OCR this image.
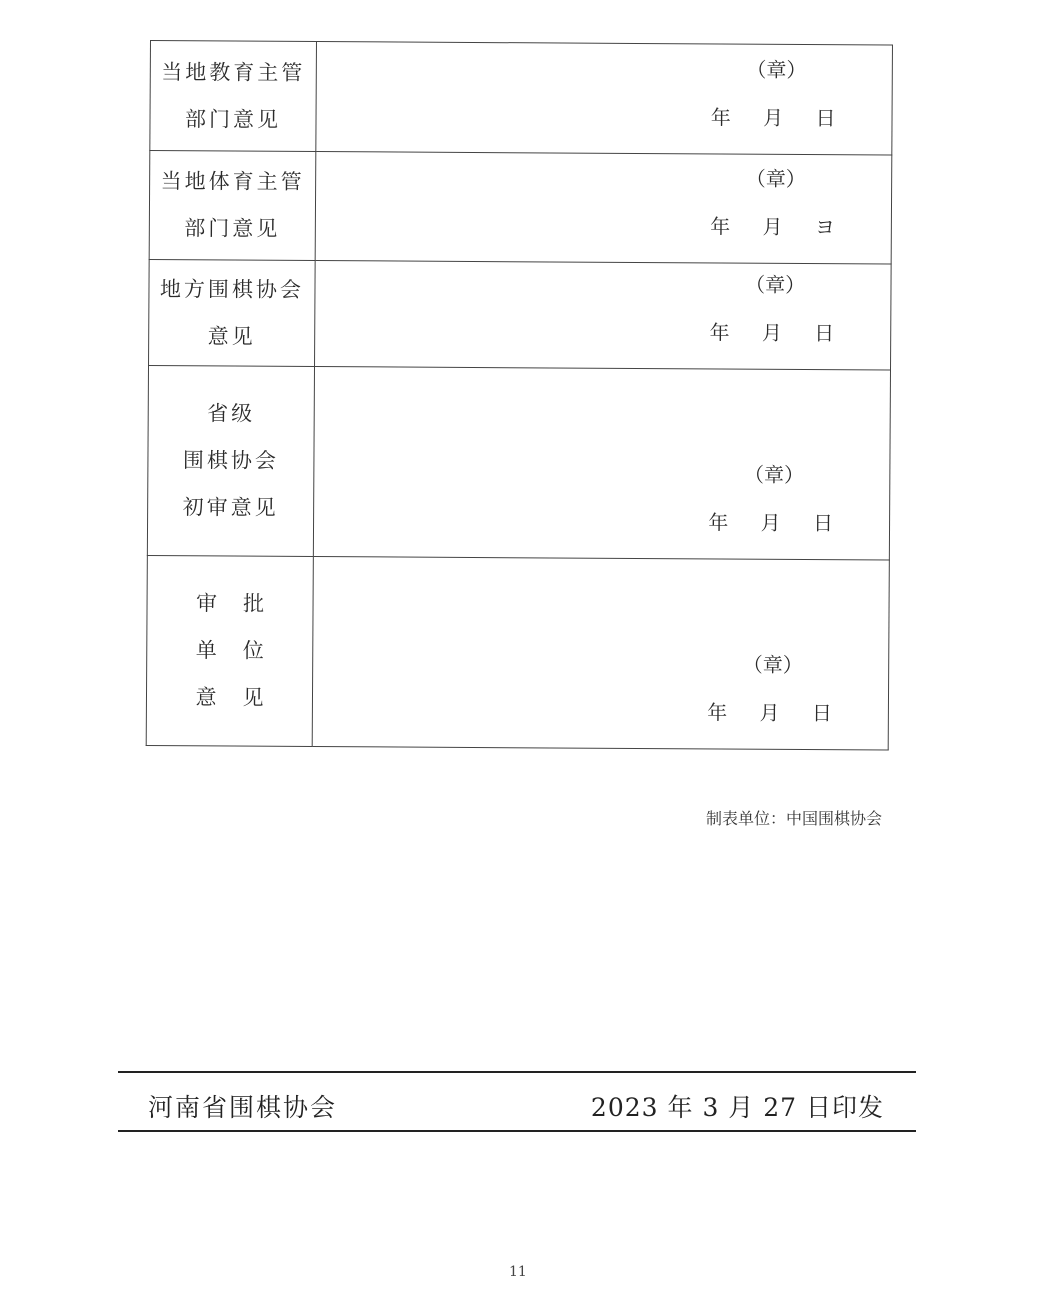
当地教育主管
部门意见	（章）
年 月 日

当地体育主管
部门意见	（章）
年 月 ヨ

地方围棋协会
意见	（章）
年 月 日

省级
围棋协会
初审意见	（章）
年 月 日

审批
单位
意见	（章）
年 月 日
制表单位：中国围棋协会
河南省围棋协会	2023 年 3 月 27 日印发
11
